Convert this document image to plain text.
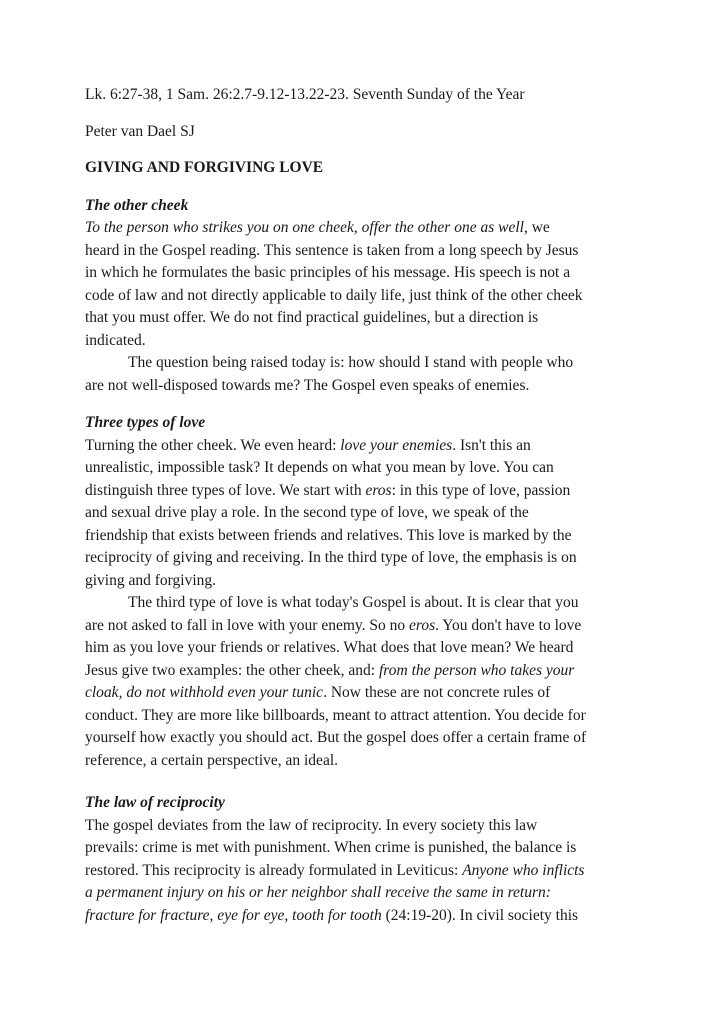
Lk. 6:27-38, 1 Sam. 26:2.7-9.12-13.22-23. Seventh Sunday of the Year
Peter van Dael SJ
GIVING AND FORGIVING LOVE
The other cheek
To the person who strikes you on one cheek, offer the other one as well, we
heard in the Gospel reading. This sentence is taken from a long speech by Jesus
in which he formulates the basic principles of his message. His speech is not a
code of law and not directly applicable to daily life, just think of the other cheek
that you must offer. We do not find practical guidelines, but a direction is
indicated.
The question being raised today is: how should I stand with people who
are not well-disposed towards me? The Gospel even speaks of enemies.
Three types of love
Turning the other cheek. We even heard: love your enemies. Isn't this an
unrealistic, impossible task? It depends on what you mean by love. You can
distinguish three types of love. We start with eros: in this type of love, passion
and sexual drive play a role. In the second type of love, we speak of the
friendship that exists between friends and relatives. This love is marked by the
reciprocity of giving and receiving. In the third type of love, the emphasis is on
giving and forgiving.
The third type of love is what today's Gospel is about. It is clear that you
are not asked to fall in love with your enemy. So no eros. You don't have to love
him as you love your friends or relatives. What does that love mean? We heard
Jesus give two examples: the other cheek, and: from the person who takes your
cloak, do not withhold even your tunic. Now these are not concrete rules of
conduct. They are more like billboards, meant to attract attention. You decide for
yourself how exactly you should act. But the gospel does offer a certain frame of
reference, a certain perspective, an ideal.
The law of reciprocity
The gospel deviates from the law of reciprocity. In every society this law
prevails: crime is met with punishment. When crime is punished, the balance is
restored. This reciprocity is already formulated in Leviticus: Anyone who inflicts
a permanent injury on his or her neighbor shall receive the same in return:
fracture for fracture, eye for eye, tooth for tooth (24:19-20). In civil society this
